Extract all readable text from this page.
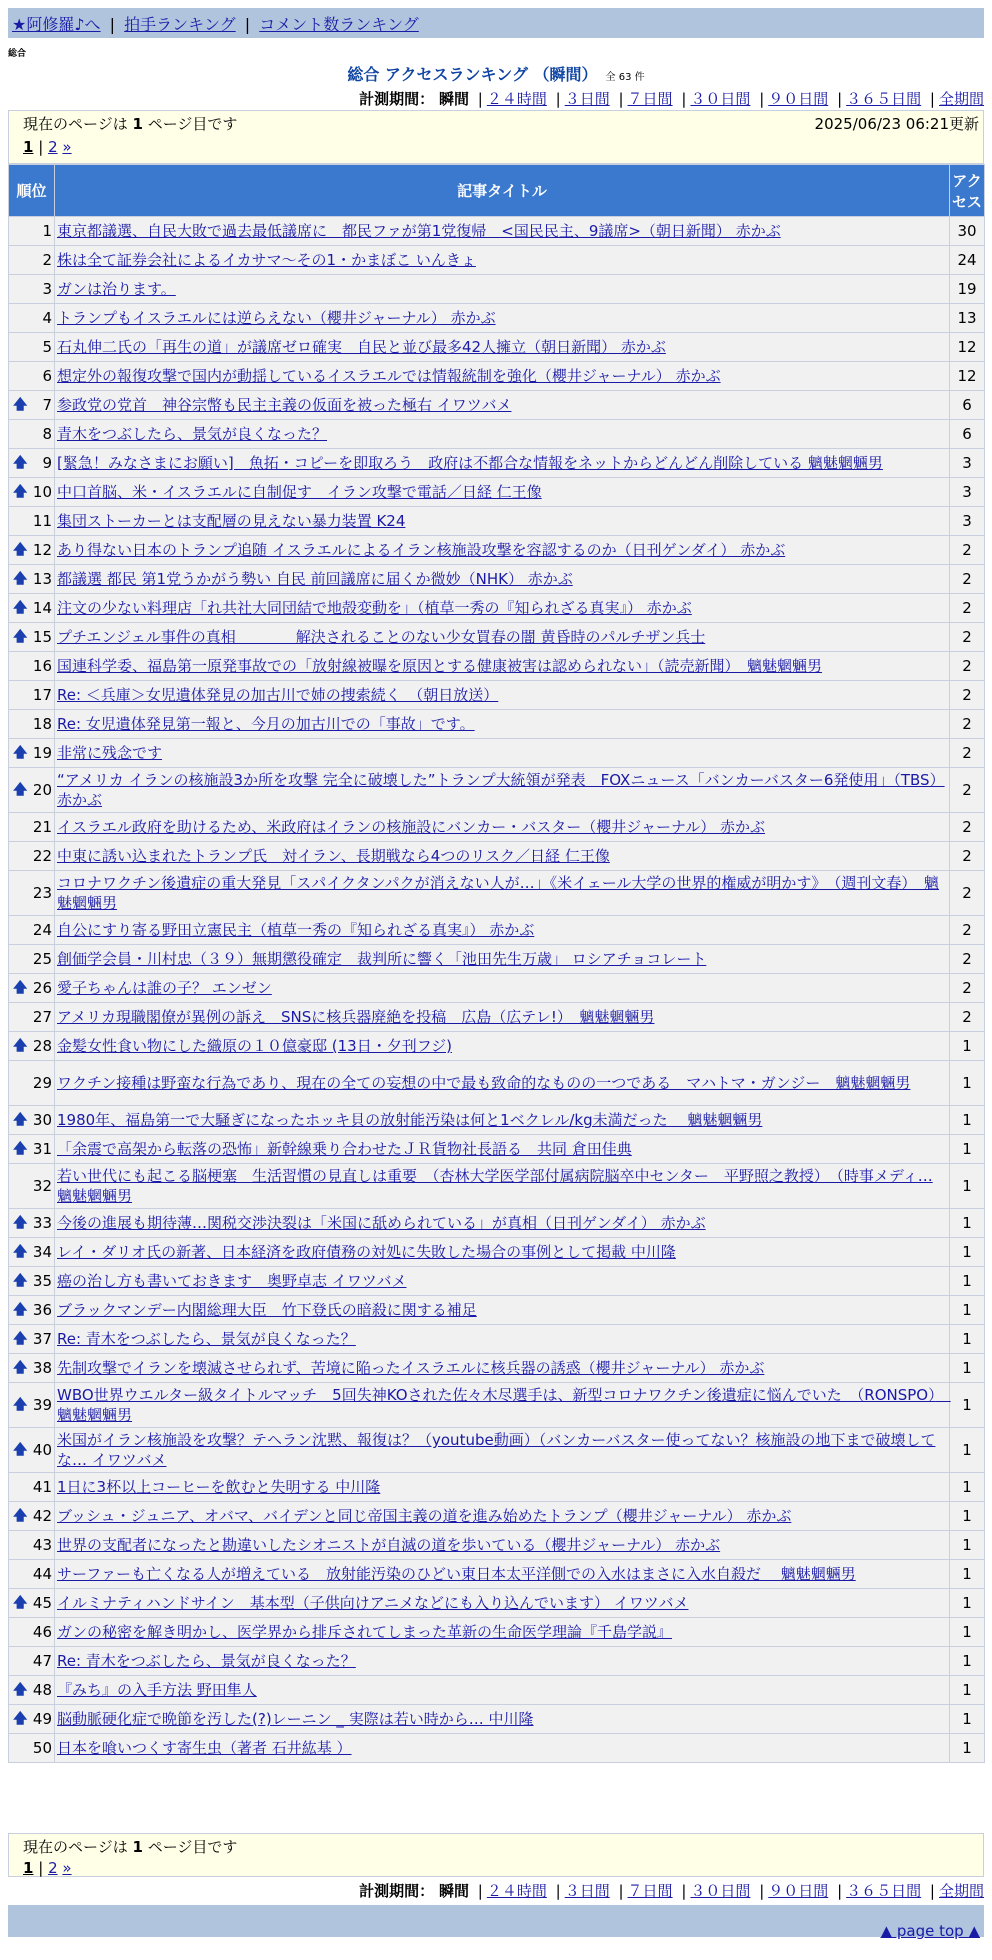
★阿修羅♪へ | 拍手ランキング | コメント数ランキング
総合
総合 アクセスランキング （瞬間） 全 63 件
計測期間： 瞬間 | ２４時間 | ３日間 | ７日間 | ３０日間 | ９０日間 | ３６５日間 | 全期間
現在のページは 1 ページ目です	2025/06/23 06:21更新
1 | 2 »
順位	記事タイトル	アクセス
1	東京都議選、自民大敗で過去最低議席に　都民ファが第1党復帰　<国民民主、9議席>（朝日新聞） 赤かぶ	30
2	株は全て証券会社によるイカサマ〜その1・かまぼこ いんきょ	24
3	ガンは治ります。	19
4	トランプもイスラエルには逆らえない（櫻井ジャーナル） 赤かぶ	13
5	石丸伸二氏の「再生の道」が議席ゼロ確実　自民と並び最多42人擁立（朝日新聞） 赤かぶ	12
6	想定外の報復攻撃で国内が動揺しているイスラエルでは情報統制を強化（櫻井ジャーナル） 赤かぶ	12

🡅 7	参政党の党首　神谷宗幣も民主主義の仮面を被った極右 イワツバメ	6
8	青木をつぶしたら、景気が良くなった？	6

🡅 9	[緊急！みなさまにお願い]　魚拓・コピーを即取ろう　政府は不都合な情報をネットからどんどん削除している 魑魅魍魎男	3

🡅 10	中口首脳、米・イスラエルに自制促す　イラン攻撃で電話／日経 仁王像	3
11	集団ストーカーとは支配層の見えない暴力装置 K24	3

🡅 12	あり得ない日本のトランプ追随 イスラエルによるイラン核施設攻撃を容認するのか（日刊ゲンダイ） 赤かぶ	2

🡅 13	都議選 都民 第1党うかがう勢い 自民 前回議席に届くか微妙（NHK） 赤かぶ	2

🡅 14	注文の少ない料理店「れ共社大同団結で地殻変動を」（植草一秀の『知られざる真実』） 赤かぶ	2

🡅 15	プチエンジェル事件の真相　　　　解決されることのない少女買春の闇 黄昏時のパルチザン兵士	2
16	国連科学委、福島第一原発事故での「放射線被曝を原因とする健康被害は認められない」（読売新聞）　魑魅魍魎男	2
17	Re: ＜兵庫＞女児遺体発見の加古川で姉の捜索続く　（朝日放送）	2
18	Re: 女児遺体発見第一報と、今月の加古川での「事故」です。	2

🡅 19	非常に残念です	2

🡅 20	“アメリカ イランの核施設3か所を攻撃 完全に破壊した”トランプ大統領が発表　FOXニュース「バンカーバスター6発使用」（TBS） 赤かぶ	2
21	イスラエル政府を助けるため、米政府はイランの核施設にバンカー・バスター（櫻井ジャーナル） 赤かぶ	2
22	中東に誘い込まれたトランプ氏　対イラン、長期戦なら4つのリスク／日経 仁王像	2
23	コロナワクチン後遺症の重大発見「スパイクタンパクが消えない人が…」《米イェール大学の世界的権威が明かす》　（週刊文春）　魑魅魍魎男	2
24	自公にすり寄る野田立憲民主（植草一秀の『知られざる真実』） 赤かぶ	2
25	創価学会員・川村忠（３９）無期懲役確定　裁判所に響く「池田先生万歳」 ロシアチョコレート	2

🡅 26	愛子ちゃんは誰の子？ エンゼン	2
27	アメリカ現職閣僚が異例の訴え　SNSに核兵器廃絶を投稿　広島（広テレ!）　魑魅魍魎男	2

🡅 28	金髪女性食い物にした織原の１０億豪邸 (13日・夕刊フジ)	1
29	ワクチン接種は野蛮な行為であり、現在の全ての妄想の中で最も致命的なものの一つである　マハトマ・ガンジー　魑魅魍魎男	1

🡅 30	1980年、福島第一で大騒ぎになったホッキ貝の放射能汚染は何と1ベクレル/kg未満だった　 魑魅魍魎男	1

🡅 31	「余震で高架から転落の恐怖」新幹線乗り合わせたＪＲ貨物社長語る　共同 倉田佳典	1
32	若い世代にも起こる脳梗塞　生活習慣の見直しは重要　（杏林大学医学部付属病院脳卒中センター　平野照之教授）　（時事メディ… 魑魅魍魎男	1

🡅 33	今後の進展も期待薄…関税交渉決裂は「米国に舐められている」が真相（日刊ゲンダイ） 赤かぶ	1

🡅 34	レイ・ダリオ氏の新著、日本経済を政府債務の対処に失敗した場合の事例として掲載 中川隆	1

🡅 35	癌の治し方も書いておきます　奥野卓志 イワツバメ	1

🡅 36	ブラックマンデー内閣総理大臣　竹下登氏の暗殺に関する補足	1

🡅 37	Re: 青木をつぶしたら、景気が良くなった？	1

🡅 38	先制攻撃でイランを壊滅させられず、苦境に陥ったイスラエルに核兵器の誘惑（櫻井ジャーナル） 赤かぶ	1

🡅 39	WBO世界ウエルター級タイトルマッチ　5回失神KOされた佐々木尽選手は、新型コロナワクチン後遺症に悩んでいた　（RONSPO）　魑魅魍魎男	1

🡅 40	米国がイラン核施設を攻撃？テヘラン沈黙、報復は？（youtube動画）（バンカーバスター使ってない？核施設の地下まで破壊してな… イワツバメ	1
41	1日に3杯以上コーヒーを飲むと失明する 中川隆	1

🡅 42	ブッシュ・ジュニア、オバマ、バイデンと同じ帝国主義の道を進み始めたトランプ（櫻井ジャーナル） 赤かぶ	1
43	世界の支配者になったと勘違いしたシオニストが自滅の道を歩いている（櫻井ジャーナル） 赤かぶ	1
44	サーファーも亡くなる人が増えている　放射能汚染のひどい東日本太平洋側での入水はまさに入水自殺だ　 魑魅魍魎男	1

🡅 45	イルミナティハンドサイン　基本型（子供向けアニメなどにも入り込んでいます） イワツバメ	1
46	ガンの秘密を解き明かし、医学界から排斥されてしまった革新の生命医学理論『千島学説』	1
47	Re: 青木をつぶしたら、景気が良くなった？	1

🡅 48	『みち』の入手方法 野田隼人	1

🡅 49	脳動脈硬化症で晩節を汚した(?)レーニン _ 実際は若い時から… 中川隆	1
50	日本を喰いつくす寄生虫（著者 石井紘基 ）	1
現在のページは 1 ページ目です
1 | 2 »
計測期間： 瞬間 | ２４時間 | ３日間 | ７日間 | ３０日間 | ９０日間 | ３６５日間 | 全期間
▲ page top ▲
